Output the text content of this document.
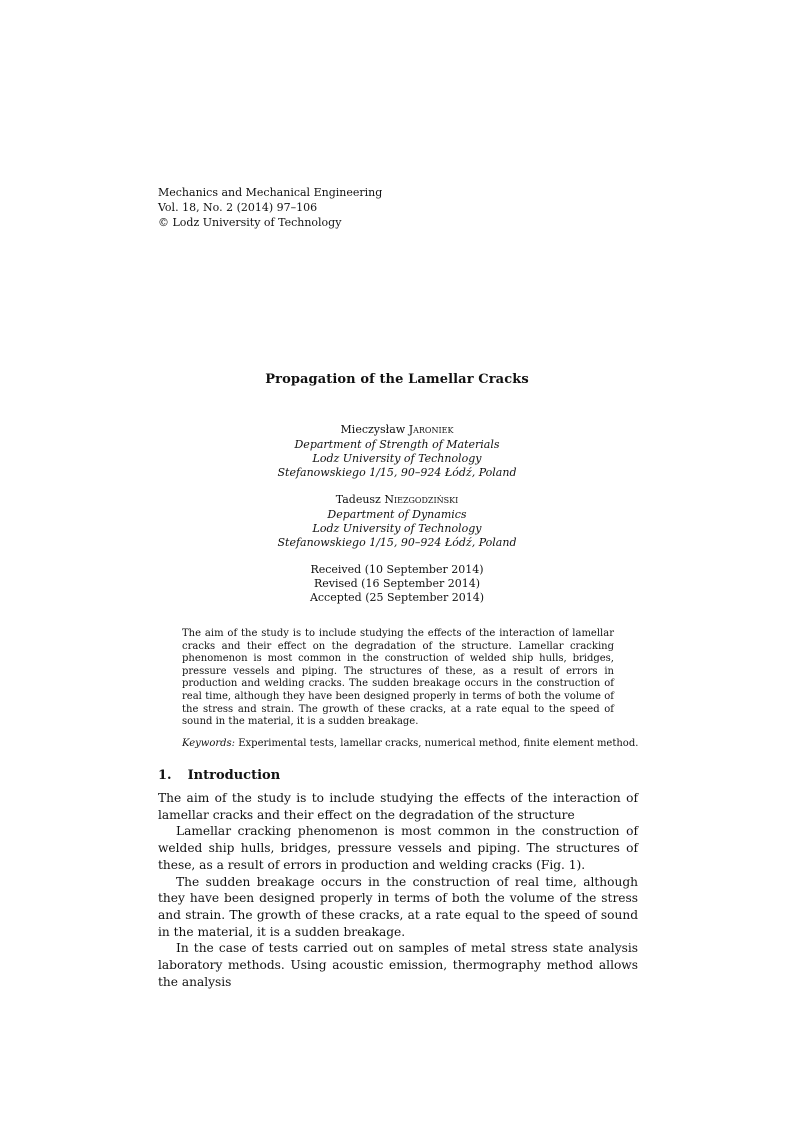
Mechanics and Mechanical Engineering
Vol. 18, No. 2 (2014) 97–106
© Lodz University of Technology
Propagation of the Lamellar Cracks
Mieczysław Jaroniek
Department of Strength of Materials
Lodz University of Technology
Stefanowskiego 1/15, 90–924 Łódź, Poland
Tadeusz Niezgodziński
Department of Dynamics
Lodz University of Technology
Stefanowskiego 1/15, 90–924 Łódź, Poland
Received (10 September 2014)
Revised (16 September 2014)
Accepted (25 September 2014)
The aim of the study is to include studying the effects of the interaction of lamellar cracks and their effect on the degradation of the structure. Lamellar cracking phenomenon is most common in the construction of welded ship hulls, bridges, pressure vessels and piping. The structures of these, as a result of errors in production and welding cracks. The sudden breakage occurs in the construction of real time, although they have been designed properly in terms of both the volume of the stress and strain. The growth of these cracks, at a rate equal to the speed of sound in the material, it is a sudden breakage.
Keywords: Experimental tests, lamellar cracks, numerical method, finite element method.
1. Introduction

The aim of the study is to include studying the effects of the interaction of lamellar cracks and their effect on the degradation of the structure

Lamellar cracking phenomenon is most common in the construction of welded ship hulls, bridges, pressure vessels and piping. The structures of these, as a result of errors in production and welding cracks (Fig. 1).

The sudden breakage occurs in the construction of real time, although they have been designed properly in terms of both the volume of the stress and strain. The growth of these cracks, at a rate equal to the speed of sound in the material, it is a sudden breakage.

In the case of tests carried out on samples of metal stress state analysis laboratory methods. Using acoustic emission, thermography method allows the analysis
